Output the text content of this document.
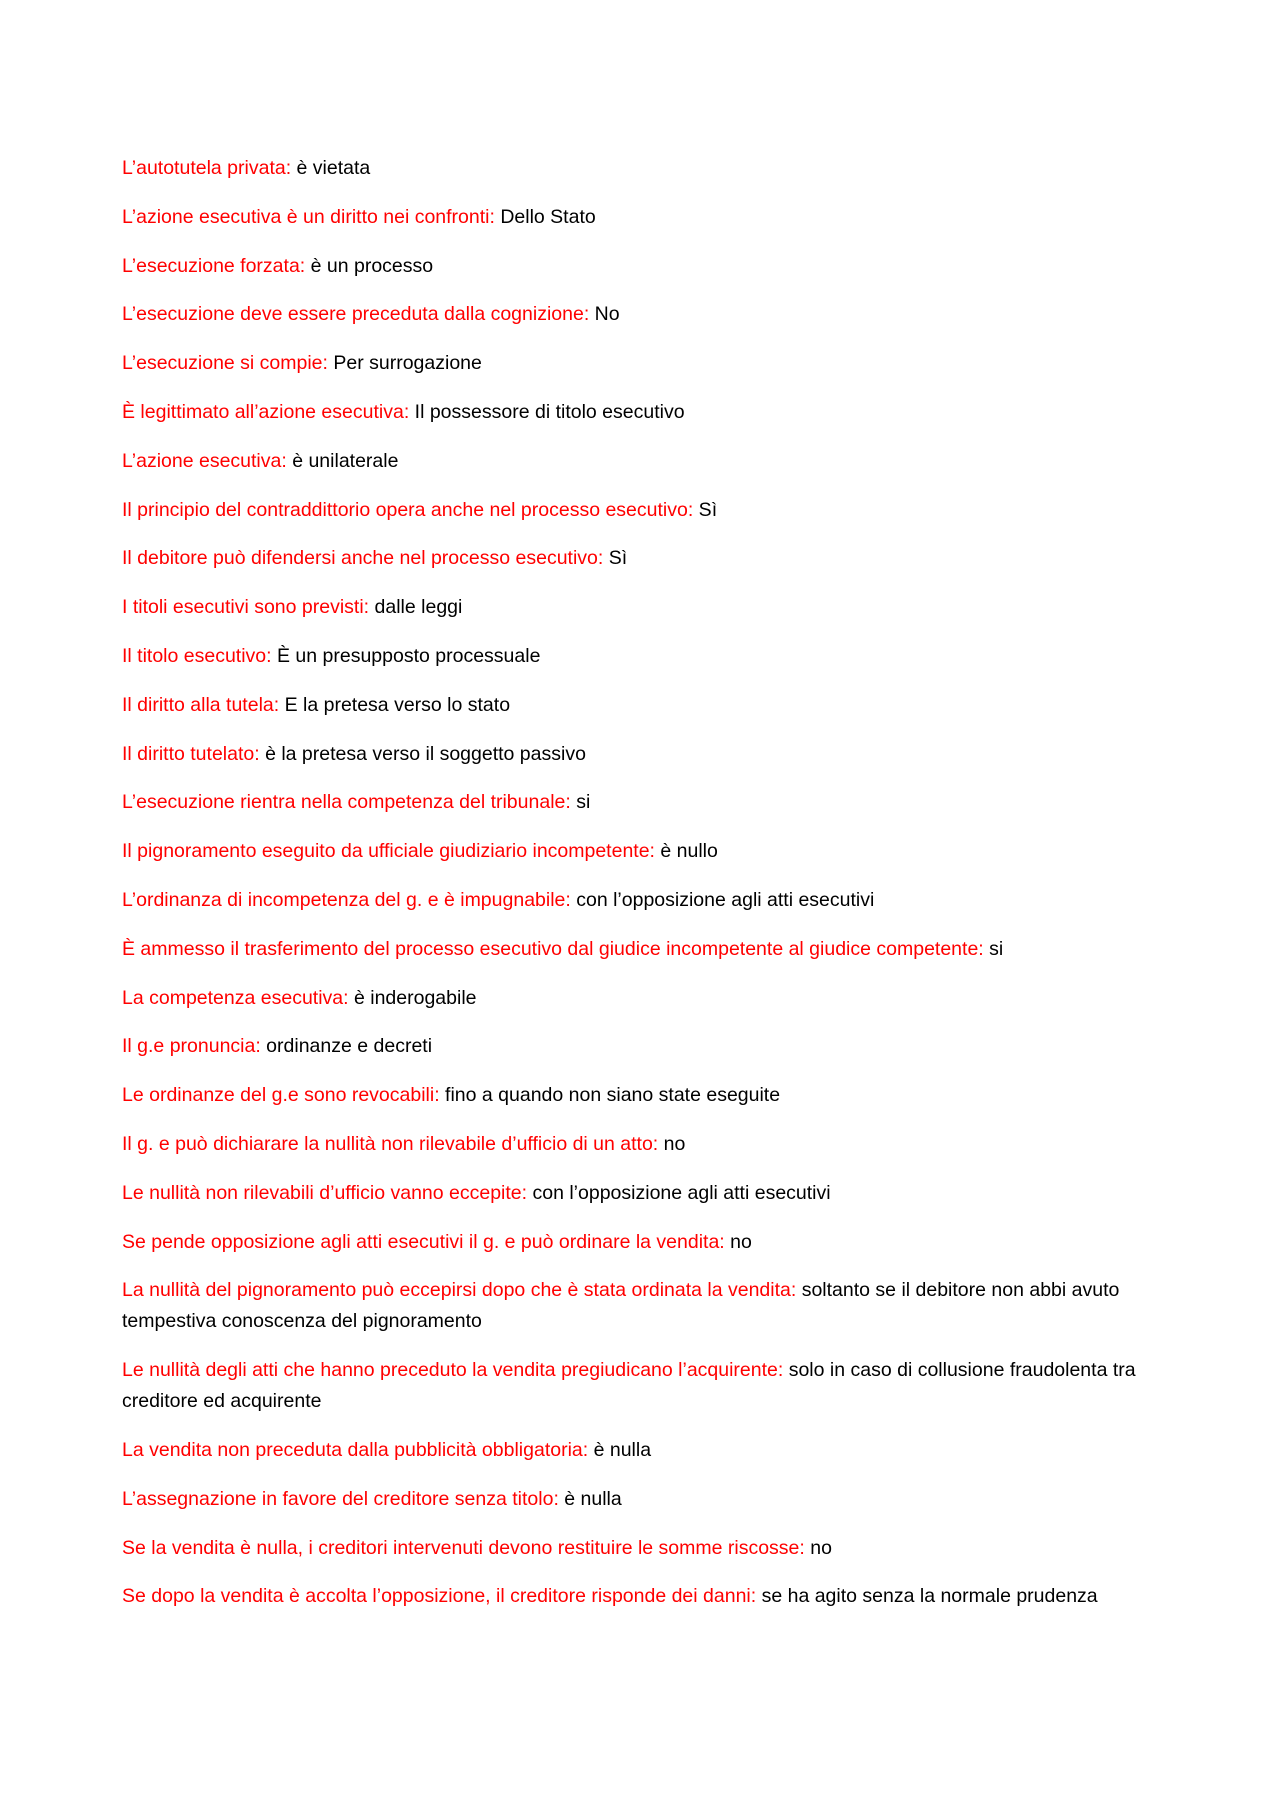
L’autotutela privata: è vietata
L’azione esecutiva è un diritto nei confronti: Dello Stato
L’esecuzione forzata: è un processo
L’esecuzione deve essere preceduta dalla cognizione: No
L’esecuzione si compie: Per surrogazione
È legittimato all’azione esecutiva: Il possessore di titolo esecutivo
L’azione esecutiva: è unilaterale
Il principio del contraddittorio opera anche nel processo esecutivo: Sì
Il debitore può difendersi anche nel processo esecutivo: Sì
I titoli esecutivi sono previsti: dalle leggi
Il titolo esecutivo: È un presupposto processuale
Il diritto alla tutela: E la pretesa verso lo stato
Il diritto tutelato: è la pretesa verso il soggetto passivo
L’esecuzione rientra nella competenza del tribunale: si
Il pignoramento eseguito da ufficiale giudiziario incompetente: è nullo
L’ordinanza di incompetenza del g. e è impugnabile: con l’opposizione agli atti esecutivi
È ammesso il trasferimento del processo esecutivo dal giudice incompetente al giudice competente: si
La competenza esecutiva: è inderogabile
Il g.e pronuncia: ordinanze e decreti
Le ordinanze del g.e sono revocabili: fino a quando non siano state eseguite
Il g. e può dichiarare la nullità non rilevabile d’ufficio di un atto: no
Le nullità non rilevabili d’ufficio vanno eccepite: con l’opposizione agli atti esecutivi
Se pende opposizione agli atti esecutivi il g. e può ordinare la vendita: no
La nullità del pignoramento può eccepirsi dopo che è stata ordinata la vendita: soltanto se il debitore non abbi avuto tempestiva conoscenza del pignoramento
Le nullità degli atti che hanno preceduto la vendita pregiudicano l’acquirente: solo in caso di collusione fraudolenta tra creditore ed acquirente
La vendita non preceduta dalla pubblicità obbligatoria: è nulla
L’assegnazione in favore del creditore senza titolo: è nulla
Se la vendita è nulla, i creditori intervenuti devono restituire le somme riscosse: no
Se dopo la vendita è accolta l’opposizione, il creditore risponde dei danni: se ha agito senza la normale prudenza
